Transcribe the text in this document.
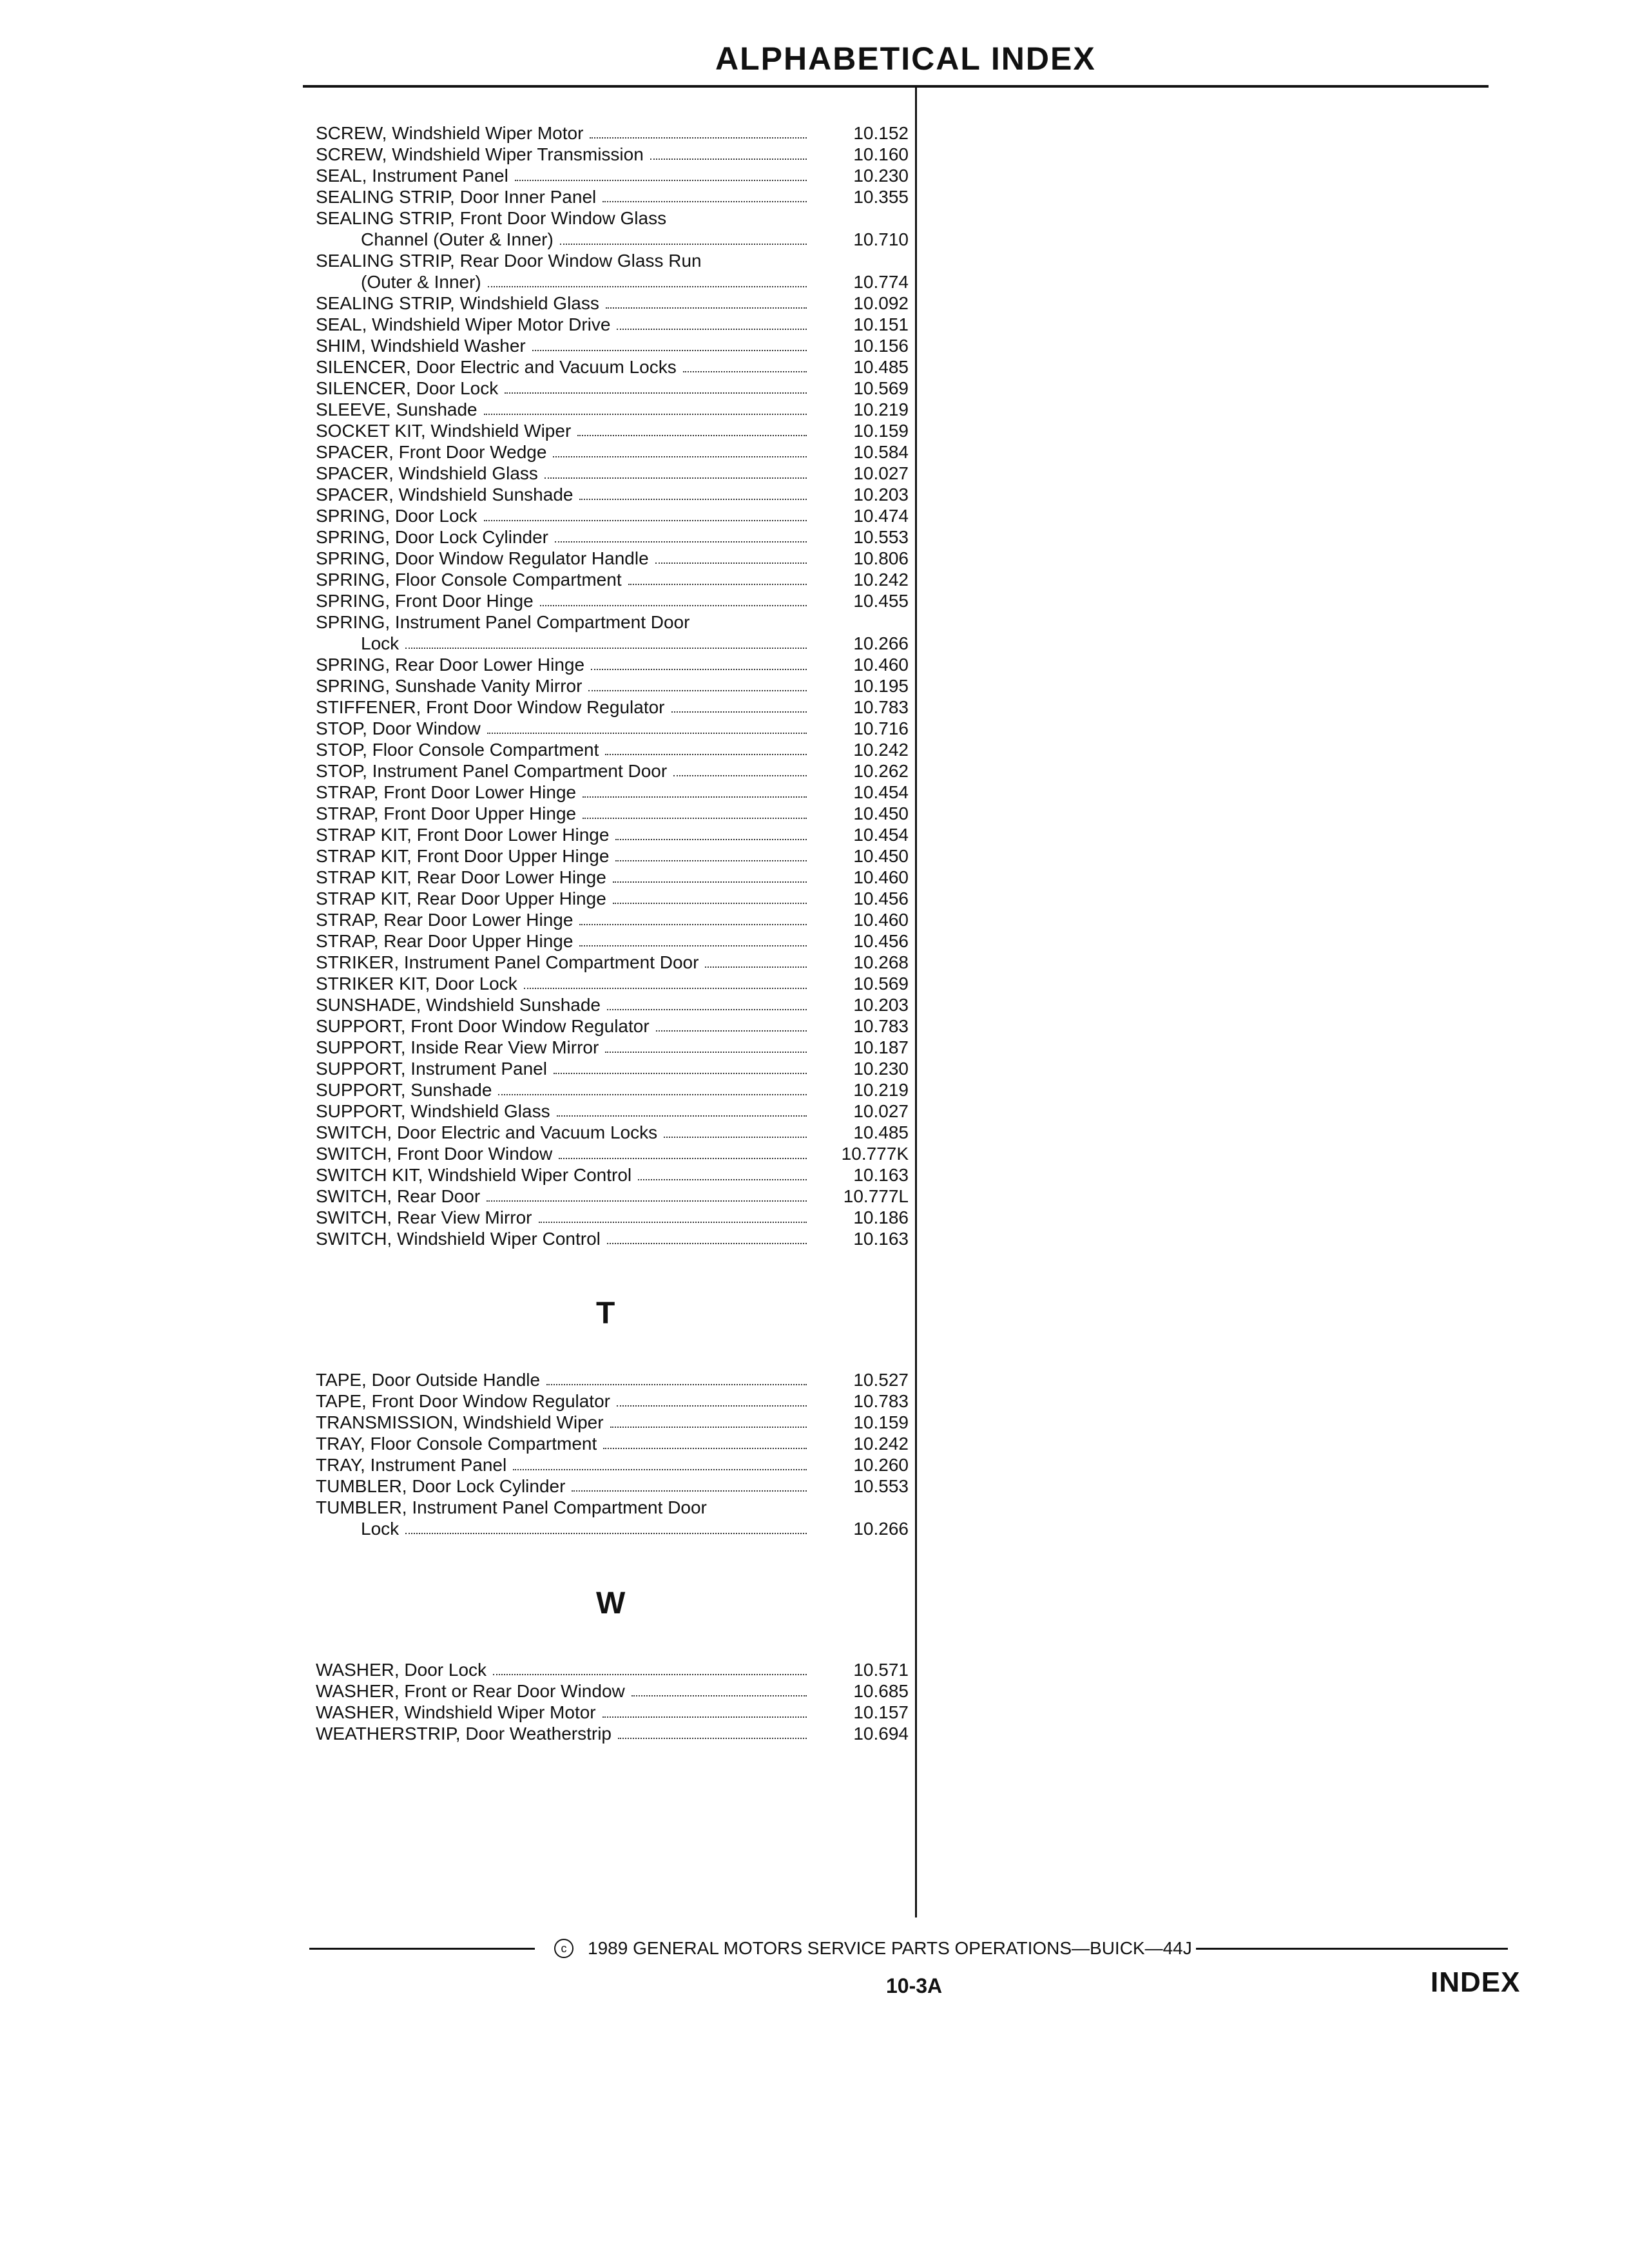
ALPHABETICAL INDEX
SCREW, Windshield Wiper Motor	10.152
SCREW, Windshield Wiper Transmission	10.160
SEAL, Instrument Panel	10.230
SEALING STRIP, Door Inner Panel	10.355
SEALING STRIP, Front Door Window Glass
Channel (Outer & Inner)	10.710
SEALING STRIP, Rear Door Window Glass Run
(Outer & Inner)	10.774
SEALING STRIP, Windshield Glass	10.092
SEAL, Windshield Wiper Motor Drive	10.151
SHIM, Windshield Washer	10.156
SILENCER, Door Electric and Vacuum Locks	10.485
SILENCER, Door Lock	10.569
SLEEVE, Sunshade	10.219
SOCKET KIT, Windshield Wiper	10.159
SPACER, Front Door Wedge	10.584
SPACER, Windshield Glass	10.027
SPACER, Windshield Sunshade	10.203
SPRING, Door Lock	10.474
SPRING, Door Lock Cylinder	10.553
SPRING, Door Window Regulator Handle	10.806
SPRING, Floor Console Compartment	10.242
SPRING, Front Door Hinge	10.455
SPRING, Instrument Panel Compartment Door
Lock	10.266
SPRING, Rear Door Lower Hinge	10.460
SPRING, Sunshade Vanity Mirror	10.195
STIFFENER, Front Door Window Regulator	10.783
STOP, Door Window	10.716
STOP, Floor Console Compartment	10.242
STOP, Instrument Panel Compartment Door	10.262
STRAP, Front Door Lower Hinge	10.454
STRAP, Front Door Upper Hinge	10.450
STRAP KIT, Front Door Lower Hinge	10.454
STRAP KIT, Front Door Upper Hinge	10.450
STRAP KIT, Rear Door Lower Hinge	10.460
STRAP KIT, Rear Door Upper Hinge	10.456
STRAP, Rear Door Lower Hinge	10.460
STRAP, Rear Door Upper Hinge	10.456
STRIKER, Instrument Panel Compartment Door	10.268
STRIKER KIT, Door Lock	10.569
SUNSHADE, Windshield Sunshade	10.203
SUPPORT, Front Door Window Regulator	10.783
SUPPORT, Inside Rear View Mirror	10.187
SUPPORT, Instrument Panel	10.230
SUPPORT, Sunshade	10.219
SUPPORT, Windshield Glass	10.027
SWITCH, Door Electric and Vacuum Locks	10.485
SWITCH, Front Door Window	10.777K
SWITCH KIT, Windshield Wiper Control	10.163
SWITCH, Rear Door	10.777L
SWITCH, Rear View Mirror	10.186
SWITCH, Windshield Wiper Control	10.163
T
TAPE, Door Outside Handle	10.527
TAPE, Front Door Window Regulator	10.783
TRANSMISSION, Windshield Wiper	10.159
TRAY, Floor Console Compartment	10.242
TRAY, Instrument Panel	10.260
TUMBLER, Door Lock Cylinder	10.553
TUMBLER, Instrument Panel Compartment Door
Lock	10.266
W
WASHER, Door Lock	10.571
WASHER, Front or Rear Door Window	10.685
WASHER, Windshield Wiper Motor	10.157
WEATHERSTRIP, Door Weatherstrip	10.694
c	1989 GENERAL MOTORS SERVICE PARTS OPERATIONS—BUICK—44J
10-3A	INDEX
